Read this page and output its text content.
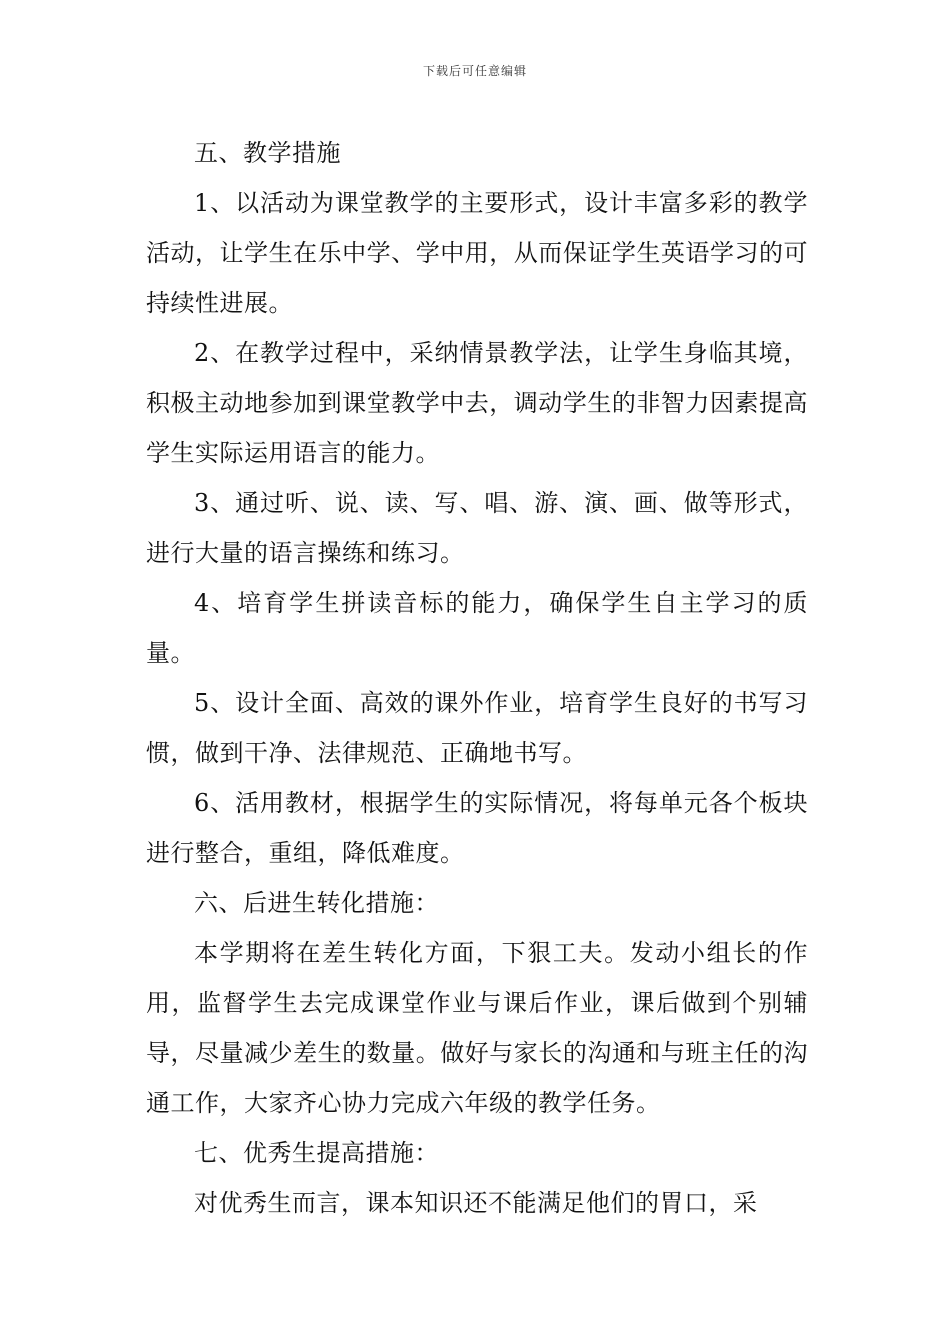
下载后可任意编辑

五、教学措施

1、以活动为课堂教学的主要形式，设计丰富多彩的教学活动，让学生在乐中学、学中用，从而保证学生英语学习的可持续性进展。

2、在教学过程中，采纳情景教学法，让学生身临其境，积极主动地参加到课堂教学中去，调动学生的非智力因素提高学生实际运用语言的能力。

3、通过听、说、读、写、唱、游、演、画、做等形式，进行大量的语言操练和练习。

4、培育学生拼读音标的能力，确保学生自主学习的质量。

5、设计全面、高效的课外作业，培育学生良好的书写习惯，做到干净、法律规范、正确地书写。

6、活用教材，根据学生的实际情况，将每单元各个板块进行整合，重组，降低难度。

六、后进生转化措施：

本学期将在差生转化方面，下狠工夫。发动小组长的作用，监督学生去完成课堂作业与课后作业，课后做到个别辅导，尽量减少差生的数量。做好与家长的沟通和与班主任的沟通工作，大家齐心协力完成六年级的教学任务。

七、优秀生提高措施：

对优秀生而言，课本知识还不能满足他们的胃口，采
